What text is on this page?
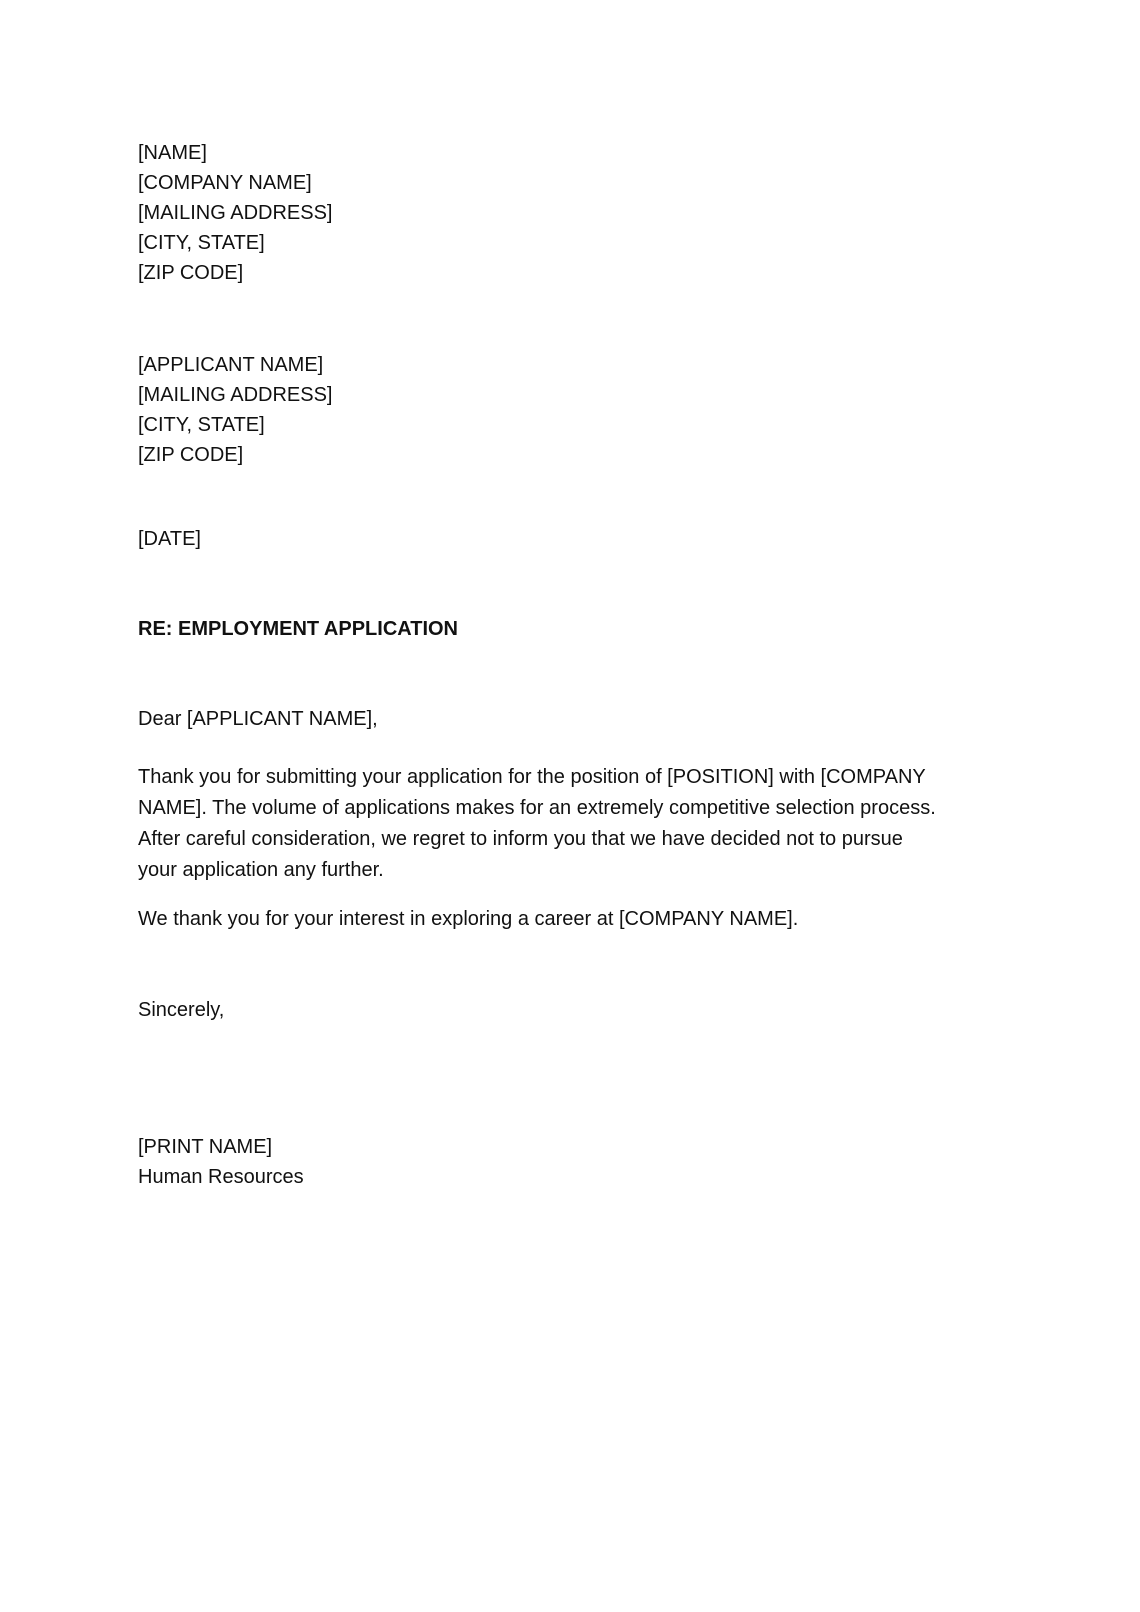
[NAME]
[COMPANY NAME]
[MAILING ADDRESS]
[CITY, STATE]
[ZIP CODE]
[APPLICANT NAME]
[MAILING ADDRESS]
[CITY, STATE]
[ZIP CODE]
[DATE]
RE: EMPLOYMENT APPLICATION
Dear [APPLICANT NAME],
Thank you for submitting your application for the position of [POSITION] with [COMPANY
NAME]. The volume of applications makes for an extremely competitive selection process.
After careful consideration, we regret to inform you that we have decided not to pursue
your application any further.
We thank you for your interest in exploring a career at [COMPANY NAME].
Sincerely,
[PRINT NAME]
Human Resources
